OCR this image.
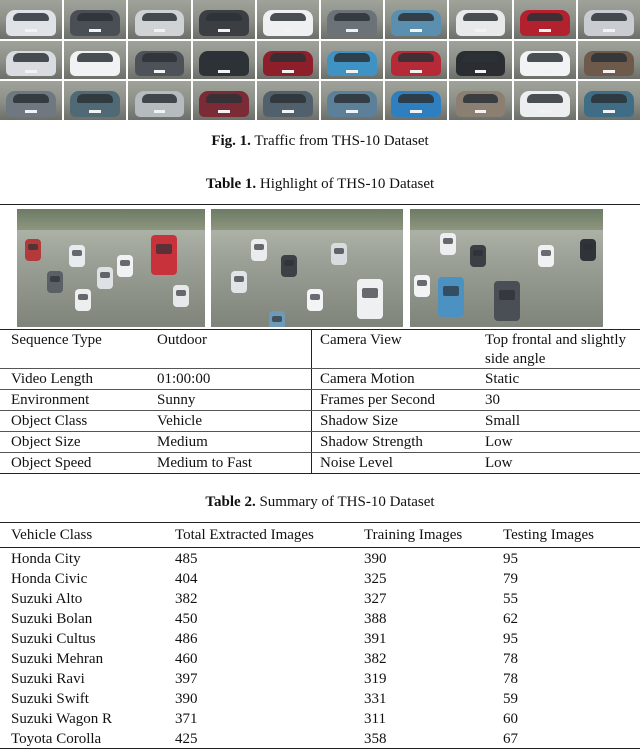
Fig. 1. Traffic from THS-10 Dataset
Table 1. Highlight of THS-10 Dataset
Sequence Type	Outdoor	Camera View	Top frontal and slightly side angle
Video Length	01:00:00	Camera Motion	Static
Environment	Sunny	Frames per Second	30
Object Class	Vehicle	Shadow Size	Small
Object Size	Medium	Shadow Strength	Low
Object Speed	Medium to Fast	Noise Level	Low
Table 2. Summary of THS-10 Dataset
Vehicle Class	Total Extracted Images	Training Images	Testing Images
Honda City	485	390	95
Honda Civic	404	325	79
Suzuki Alto	382	327	55
Suzuki Bolan	450	388	62
Suzuki Cultus	486	391	95
Suzuki Mehran	460	382	78
Suzuki Ravi	397	319	78
Suzuki Swift	390	331	59
Suzuki Wagon R	371	311	60
Toyota Corolla	425	358	67
